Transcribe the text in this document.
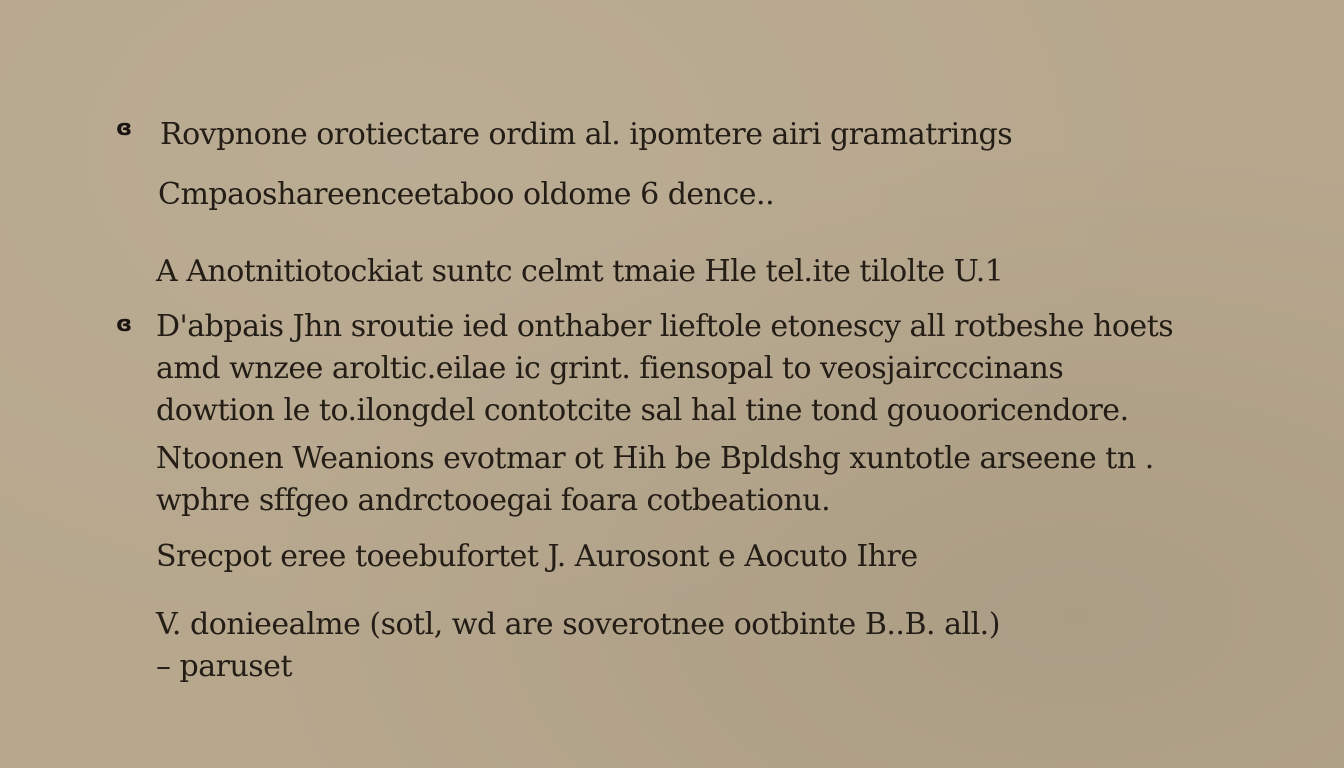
ɞ Rovpnone orotiectare ordim al. ipomtere airi gramatrings
Cmpaoshareenceetaboo oldome 6 dence..
A Anotnitiotockiat suntc celmt tmaie Hle tel.ite tilolte U.1
ɞ D'abpais Jhn sroutie ied onthaber lieftole etonescy all rotbeshe hoets
amd wnzee aroltic.eilae ic grint. fiensopal to veosjaircccinans
dowtion le to.ilongdel contotcite sal hal tine tond gouooricendore.
Ntoonen Weanions evotmar ot Hih be Bpldshg xuntotle arseene tn .
wphre sffgeo andrctooegai foara cotbeationu.
Srecpot eree toeebufortet J. Aurosont e Aocuto Ihre
V. donieealme (sotl, wd are soverotnee ootbinte B..B. all.)
– paruset
